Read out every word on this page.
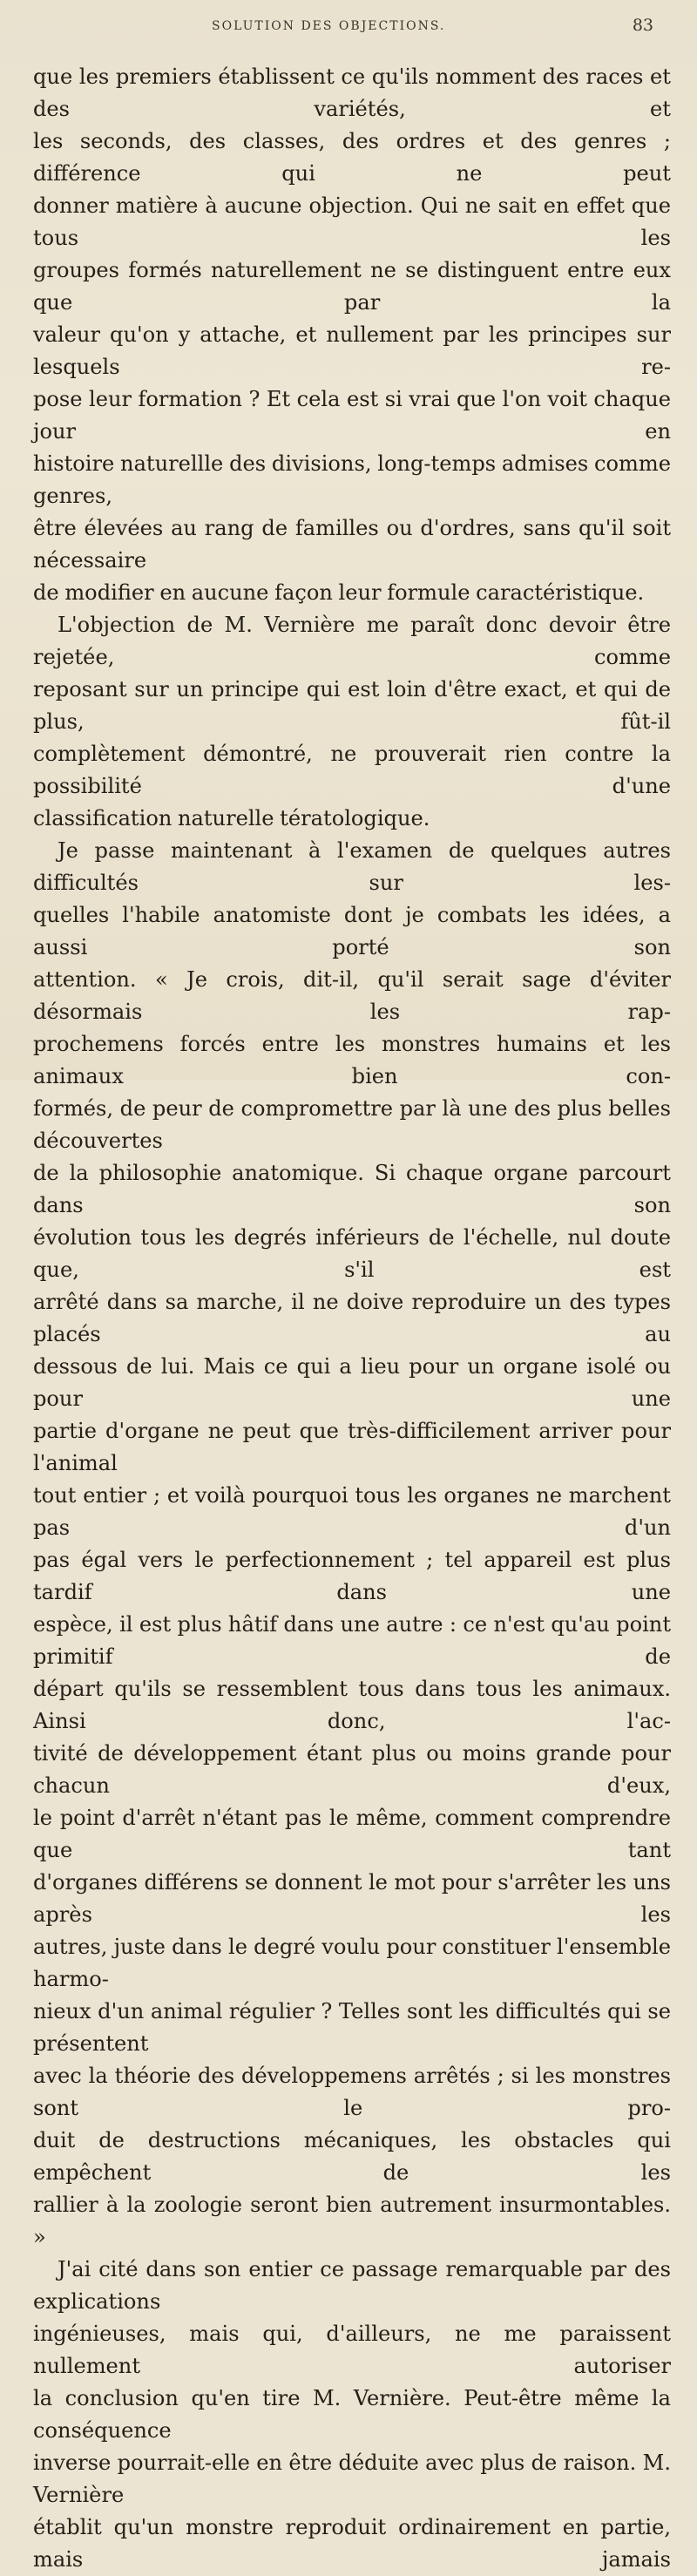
SOLUTION DES OBJECTIONS.	83

que les premiers établissent ce qu'ils nomment des races et des variétés, et

les seconds, des classes, des ordres et des genres ; différence qui ne peut

donner matière à aucune objection. Qui ne sait en effet que tous les

groupes formés naturellement ne se distinguent entre eux que par la

valeur qu'on y attache, et nullement par les principes sur lesquels re-

pose leur formation ? Et cela est si vrai que l'on voit chaque jour en

histoire naturellle des divisions, long-temps admises comme genres,

être élevées au rang de familles ou d'ordres, sans qu'il soit nécessaire

de modifier en aucune façon leur formule caractéristique.

L'objection de M. Vernière me paraît donc devoir être rejetée, comme

reposant sur un principe qui est loin d'être exact, et qui de plus, fût-il

complètement démontré, ne prouverait rien contre la possibilité d'une

classification naturelle tératologique.

Je passe maintenant à l'examen de quelques autres difficultés sur les-

quelles l'habile anatomiste dont je combats les idées, a aussi porté son

attention. « Je crois, dit-il, qu'il serait sage d'éviter désormais les rap-

prochemens forcés entre les monstres humains et les animaux bien con-

formés, de peur de compromettre par là une des plus belles découvertes

de la philosophie anatomique. Si chaque organe parcourt dans son

évolution tous les degrés inférieurs de l'échelle, nul doute que, s'il est

arrêté dans sa marche, il ne doive reproduire un des types placés au

dessous de lui. Mais ce qui a lieu pour un organe isolé ou pour une

partie d'organe ne peut que très-difficilement arriver pour l'animal

tout entier ; et voilà pourquoi tous les organes ne marchent pas d'un

pas égal vers le perfectionnement ; tel appareil est plus tardif dans une

espèce, il est plus hâtif dans une autre : ce n'est qu'au point primitif de

départ qu'ils se ressemblent tous dans tous les animaux. Ainsi donc, l'ac-

tivité de développement étant plus ou moins grande pour chacun d'eux,

le point d'arrêt n'étant pas le même, comment comprendre que tant

d'organes différens se donnent le mot pour s'arrêter les uns après les

autres, juste dans le degré voulu pour constituer l'ensemble harmo-

nieux d'un animal régulier ? Telles sont les difficultés qui se présentent

avec la théorie des développemens arrêtés ; si les monstres sont le pro-

duit de destructions mécaniques, les obstacles qui empêchent de les

rallier à la zoologie seront bien autrement insurmontables. »

J'ai cité dans son entier ce passage remarquable par des explications

ingénieuses, mais qui, d'ailleurs, ne me paraissent nullement autoriser

la conclusion qu'en tire M. Vernière. Peut-être même la conséquence

inverse pourrait-elle en être déduite avec plus de raison. M. Vernière

établit qu'un monstre reproduit ordinairement en partie, mais jamais
